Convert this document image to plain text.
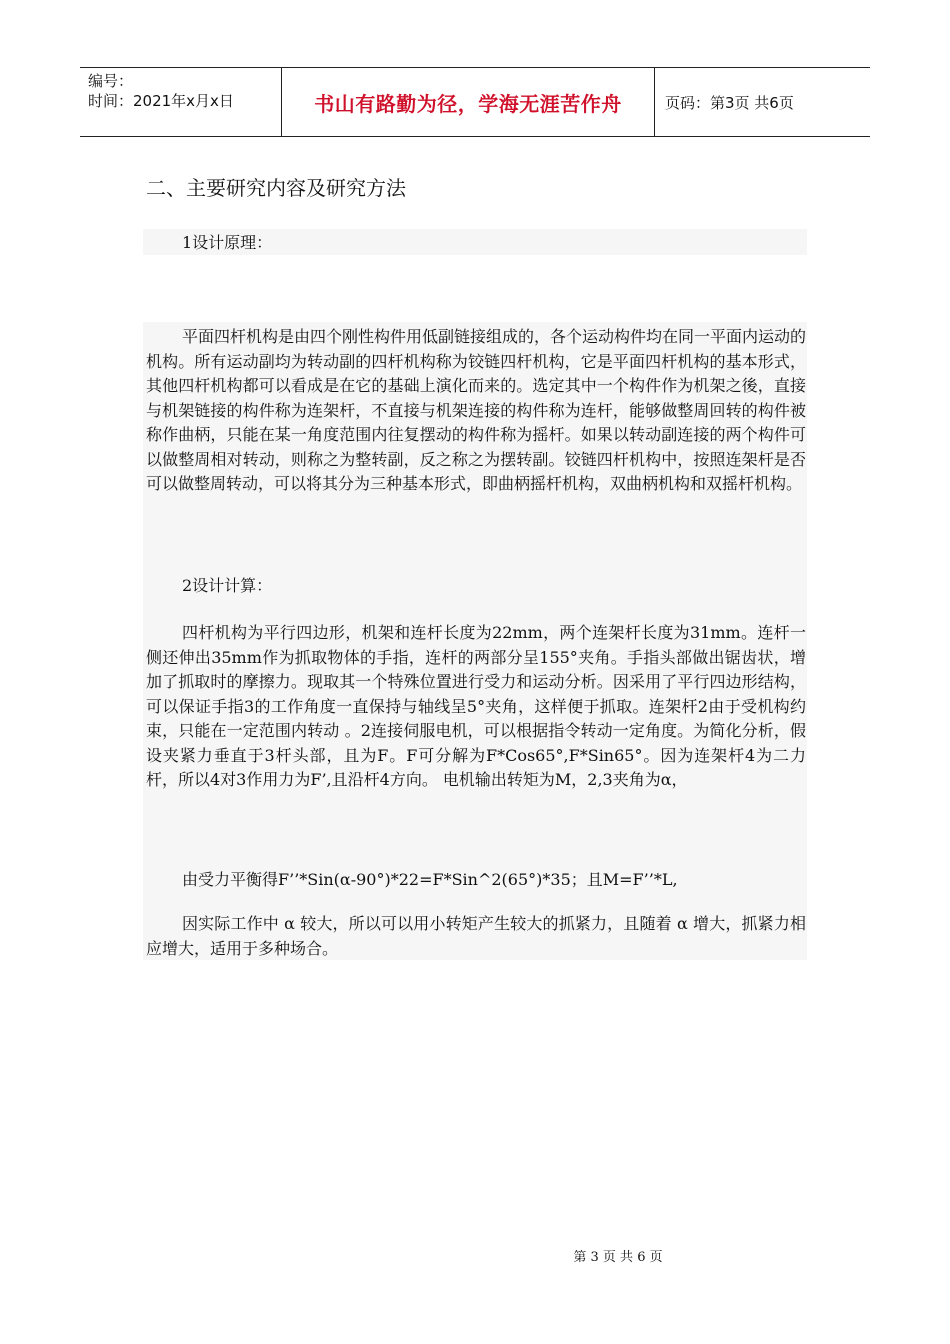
编号：
时间：2021年x月x日	书山有路勤为径，学海无涯苦作舟	页码：第3页 共6页
二、主要研究内容及研究方法
1设计原理：
平面四杆机构是由四个刚性构件用低副链接组成的，各个运动构件均在同一平面内运动的机构。所有运动副均为转动副的四杆机构称为铰链四杆机构，它是平面四杆机构的基本形式，其他四杆机构都可以看成是在它的基础上演化而来的。选定其中一个构件作为机架之後，直接与机架链接的构件称为连架杆，不直接与机架连接的构件称为连杆，能够做整周回转的构件被称作曲柄，只能在某一角度范围内往复摆动的构件称为摇杆。如果以转动副连接的两个构件可以做整周相对转动，则称之为整转副，反之称之为摆转副。铰链四杆机构中，按照连架杆是否可以做整周转动，可以将其分为三种基本形式，即曲柄摇杆机构，双曲柄机构和双摇杆机构。
2设计计算：
四杆机构为平行四边形，机架和连杆长度为22mm，两个连架杆长度为31mm。连杆一侧还伸出35mm作为抓取物体的手指，连杆的两部分呈155°夹角。手指头部做出锯齿状，增加了抓取时的摩擦力。现取其一个特殊位置进行受力和运动分析。因采用了平行四边形结构，可以保证手指3的工作角度一直保持与轴线呈5°夹角，这样便于抓取。连架杆2由于受机构约束，只能在一定范围内转动 。2连接伺服电机，可以根据指令转动一定角度。为简化分析，假设夹紧力垂直于3杆头部，且为F。F可分解为F*Cos65°,F*Sin65°。因为连架杆4为二力杆，所以4对3作用力为F’,且沿杆4方向。 电机输出转矩为M，2,3夹角为α，
由受力平衡得F’’*Sin(α-90°)*22=F*Sin^2(65°)*35；且M=F’’*L,
因实际工作中 α 较大，所以可以用小转矩产生较大的抓紧力，且随着 α 增大，抓紧力相应增大，适用于多种场合。
第 3 页 共 6 页
